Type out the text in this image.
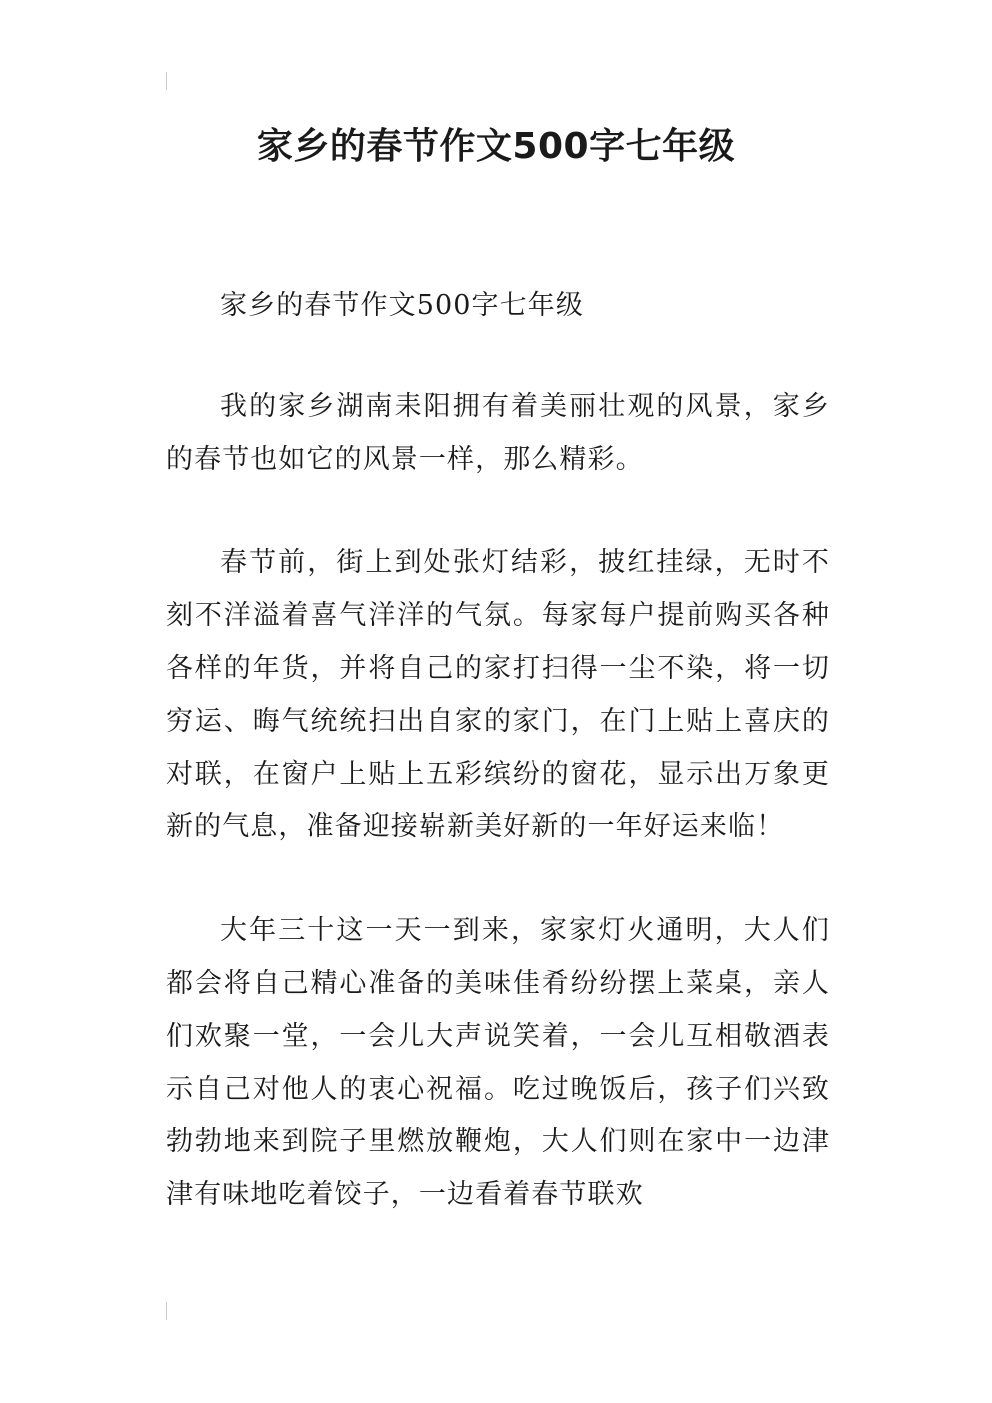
家乡的春节作文500字七年级

家乡的春节作文500字七年级

我的家乡湖南耒阳拥有着美丽壮观的风景，家乡的春节也如它的风景一样，那么精彩。

春节前，街上到处张灯结彩，披红挂绿，无时不刻不洋溢着喜气洋洋的气氛。每家每户提前购买各种各样的年货，并将自己的家打扫得一尘不染，将一切穷运、晦气统统扫出自家的家门，在门上贴上喜庆的对联，在窗户上贴上五彩缤纷的窗花，显示出万象更新的气息，准备迎接崭新美好新的一年好运来临！

大年三十这一天一到来，家家灯火通明，大人们都会将自己精心准备的美味佳肴纷纷摆上菜桌，亲人们欢聚一堂，一会儿大声说笑着，一会儿互相敬酒表示自己对他人的衷心祝福。吃过晚饭后，孩子们兴致勃勃地来到院子里燃放鞭炮，大人们则在家中一边津津有味地吃着饺子，一边看着春节联欢
